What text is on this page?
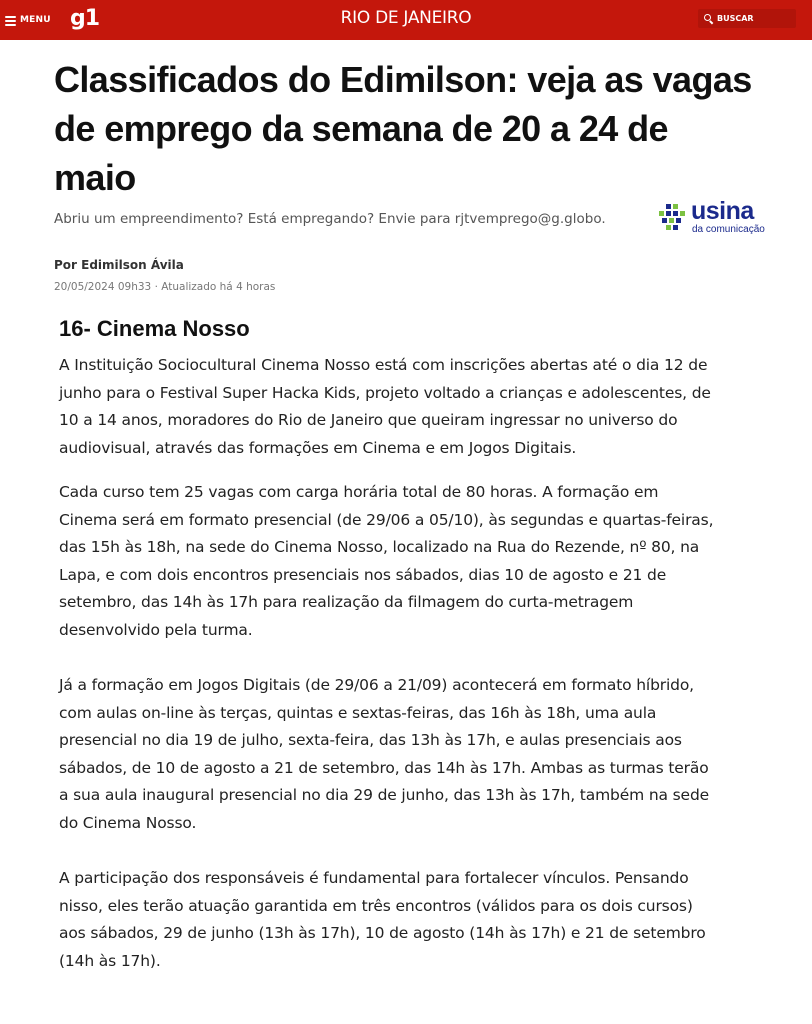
MENU g1	RIO DE JANEIRO	BUSCAR
Classificados do Edimilson: veja as vagas de emprego da semana de 20 a 24 de maio

Abriu um empreendimento? Está empregando? Envie para rjtvemprego@g.globo.	usina
da comunicação
Por Edimilson Ávila
20/05/2024 09h33 · Atualizado há 4 horas
16- Cinema Nosso

A Instituição Sociocultural Cinema Nosso está com inscrições abertas até o dia 12 de junho para o Festival Super Hacka Kids, projeto voltado a crianças e adolescentes, de 10 a 14 anos, moradores do Rio de Janeiro que queiram ingressar no universo do audiovisual, através das formações em Cinema e em Jogos Digitais.

Cada curso tem 25 vagas com carga horária total de 80 horas. A formação em Cinema será em formato presencial (de 29/06 a 05/10), às segundas e quartas-feiras, das 15h às 18h, na sede do Cinema Nosso, localizado na Rua do Rezende, nº 80, na Lapa, e com dois encontros presenciais nos sábados, dias 10 de agosto e 21 de setembro, das 14h às 17h para realização da filmagem do curta-metragem desenvolvido pela turma.

Já a formação em Jogos Digitais (de 29/06 a 21/09) acontecerá em formato híbrido, com aulas on-line às terças, quintas e sextas-feiras, das 16h às 18h, uma aula presencial no dia 19 de julho, sexta-feira, das 13h às 17h, e aulas presenciais aos sábados, de 10 de agosto a 21 de setembro, das 14h às 17h. Ambas as turmas terão a sua aula inaugural presencial no dia 29 de junho, das 13h às 17h, também na sede do Cinema Nosso.

A participação dos responsáveis é fundamental para fortalecer vínculos. Pensando nisso, eles terão atuação garantida em três encontros (válidos para os dois cursos) aos sábados, 29 de junho (13h às 17h), 10 de agosto (14h às 17h) e 21 de setembro (14h às 17h).
